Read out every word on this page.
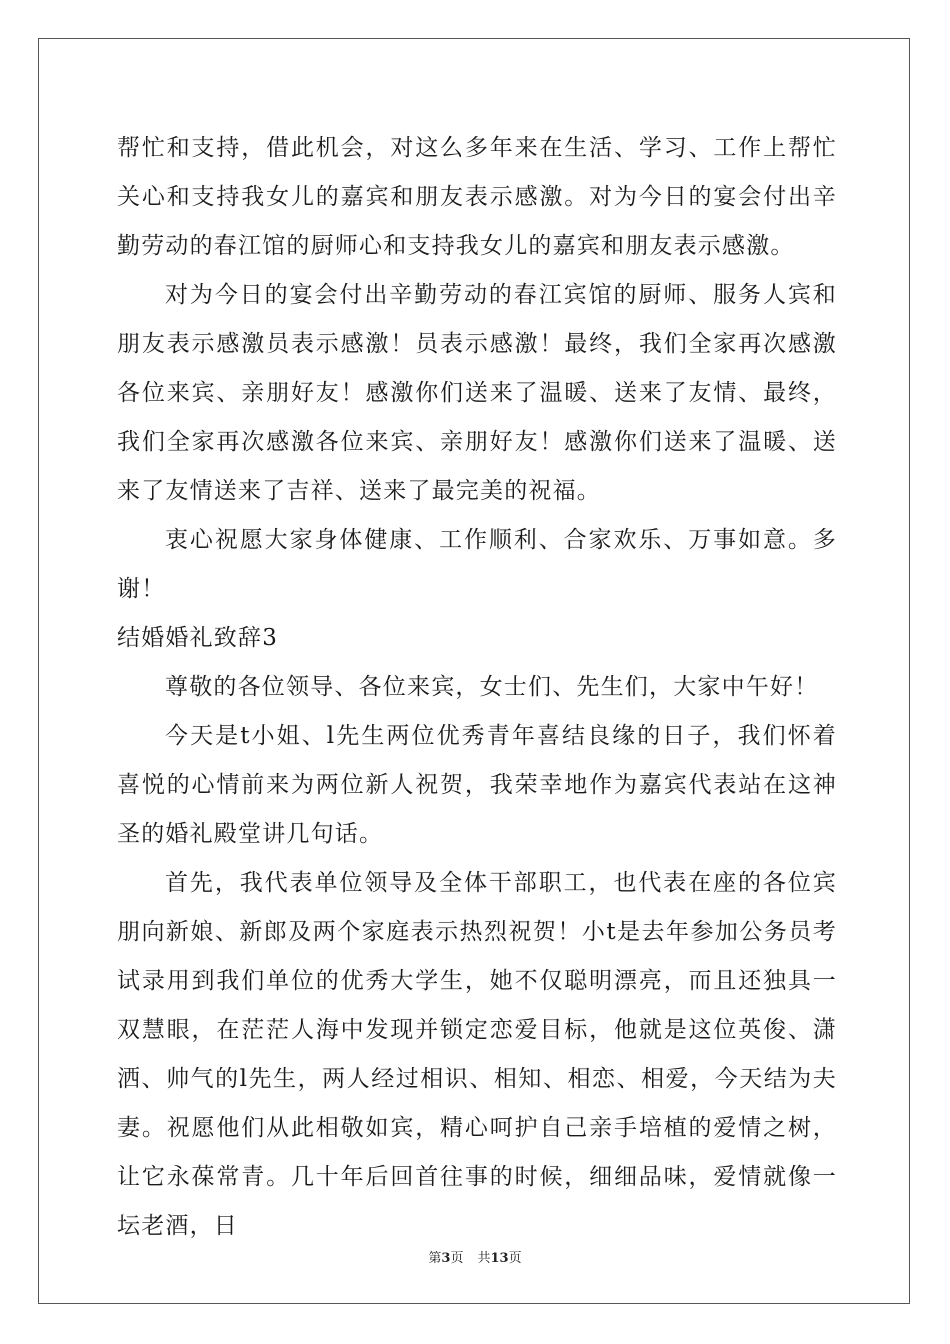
帮忙和支持，借此机会，对这么多年来在生活、学习、工作上帮忙关心和支持我女儿的嘉宾和朋友表示感激。对为今日的宴会付出辛勤劳动的春江馆的厨师心和支持我女儿的嘉宾和朋友表示感激。

对为今日的宴会付出辛勤劳动的春江宾馆的厨师、服务人宾和朋友表示感激员表示感激！员表示感激！最终，我们全家再次感激各位来宾、亲朋好友！感激你们送来了温暖、送来了友情、最终，我们全家再次感激各位来宾、亲朋好友！感激你们送来了温暖、送来了友情送来了吉祥、送来了最完美的祝福。

衷心祝愿大家身体健康、工作顺利、合家欢乐、万事如意。多谢！

结婚婚礼致辞3

尊敬的各位领导、各位来宾，女士们、先生们，大家中午好！

今天是t小姐、l先生两位优秀青年喜结良缘的日子，我们怀着喜悦的心情前来为两位新人祝贺，我荣幸地作为嘉宾代表站在这神圣的婚礼殿堂讲几句话。

首先，我代表单位领导及全体干部职工，也代表在座的各位宾朋向新娘、新郎及两个家庭表示热烈祝贺！小t是去年参加公务员考试录用到我们单位的优秀大学生，她不仅聪明漂亮，而且还独具一双慧眼，在茫茫人海中发现并锁定恋爱目标，他就是这位英俊、潇洒、帅气的l先生，两人经过相识、相知、相恋、相爱，今天结为夫妻。祝愿他们从此相敬如宾，精心呵护自己亲手培植的爱情之树，让它永葆常青。几十年后回首往事的时候，细细品味，爱情就像一坛老酒，日

第3页 共13页
